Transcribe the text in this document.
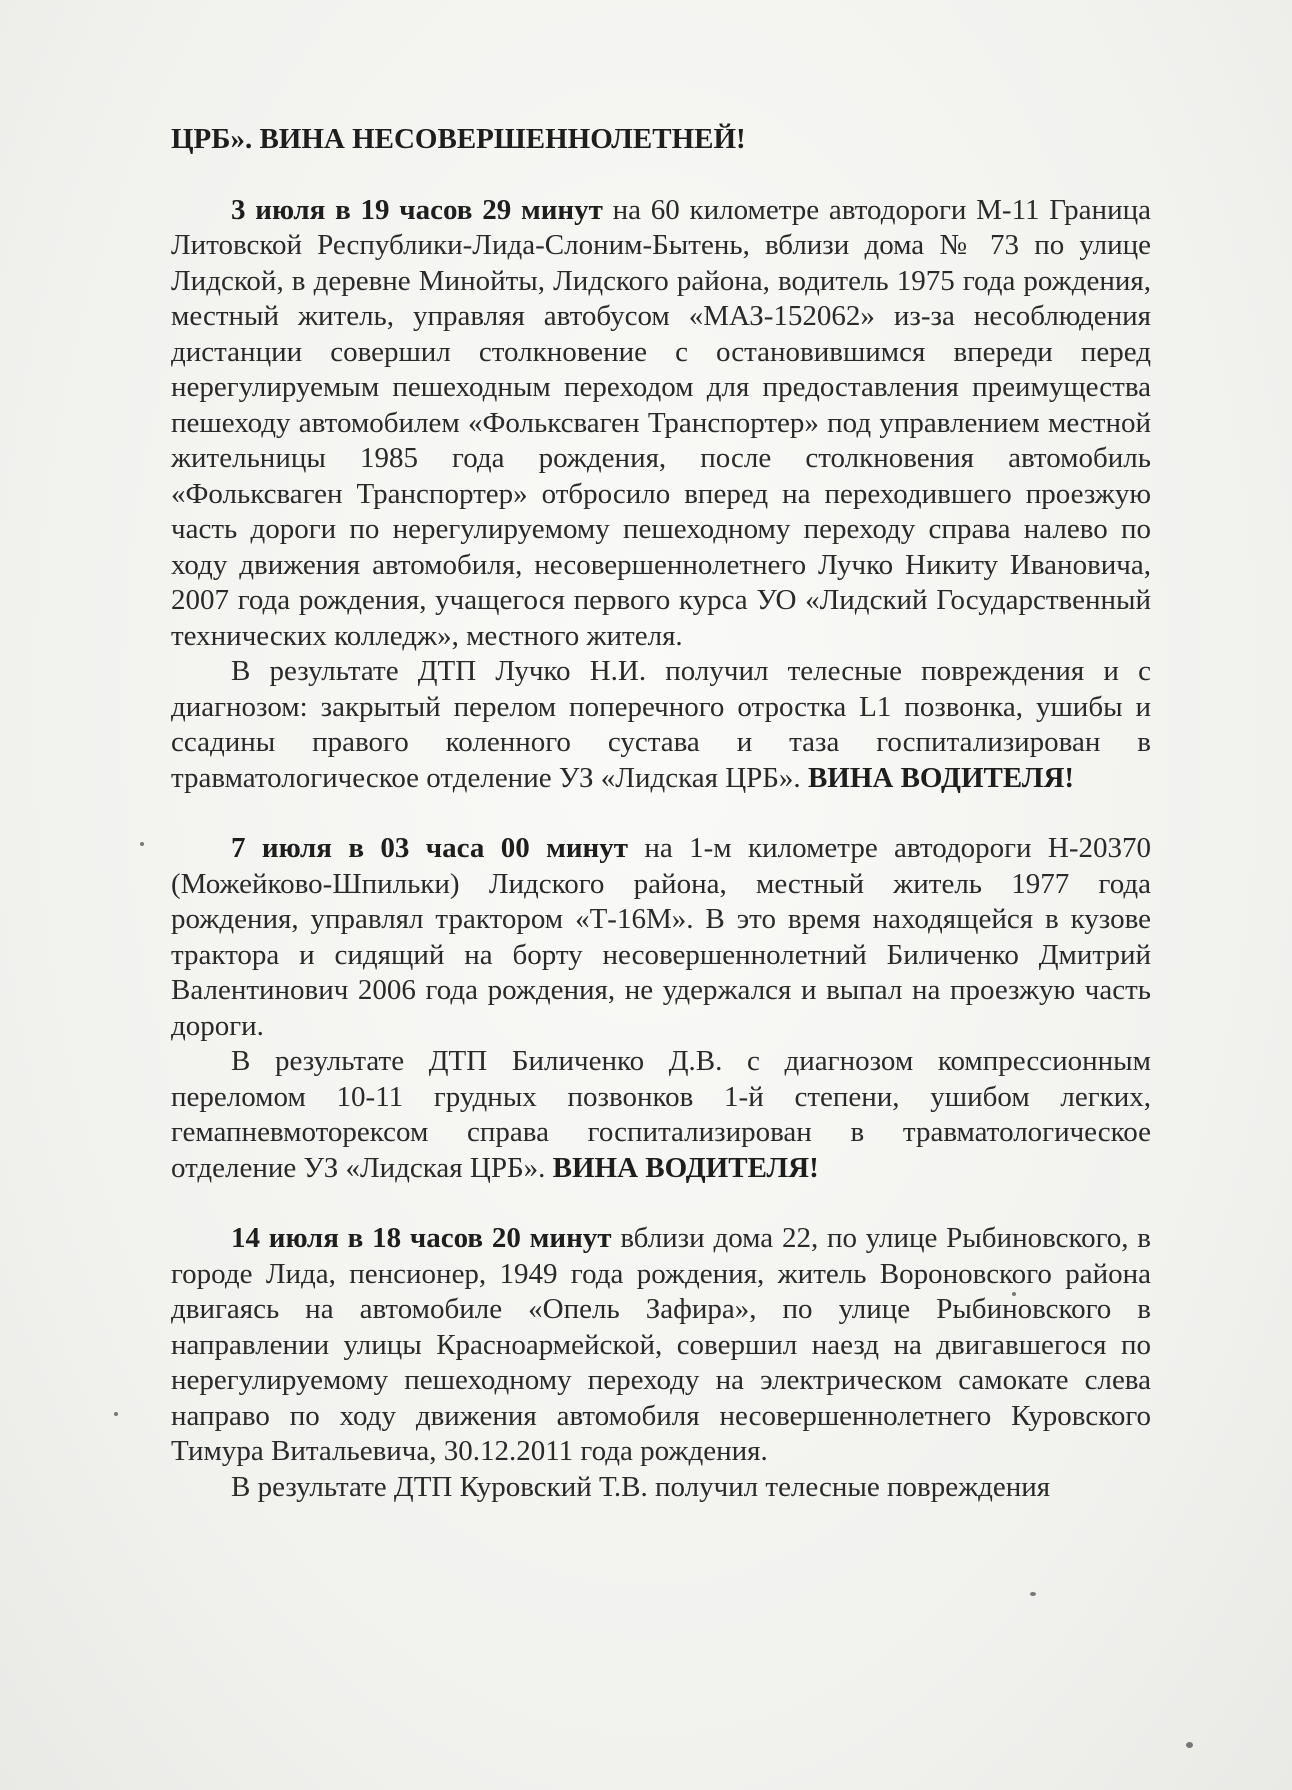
ЦРБ». ВИНА НЕСОВЕРШЕННОЛЕТНЕЙ!

3 июля в 19 часов 29 минут на 60 километре автодороги М-11 Граница Литовской Республики-Лида-Слоним-Бытень, вблизи дома № 73 по улице Лидской, в деревне Минойты, Лидского района, водитель 1975 года рождения, местный житель, управляя автобусом «МАЗ-152062» из-за несоблюдения дистанции совершил столкновение с остановившимся впереди перед нерегулируемым пешеходным переходом для предоставления преимущества пешеходу автомобилем «Фольксваген Транспортер» под управлением местной жительницы 1985 года рождения, после столкновения автомобиль «Фольксваген Транспортер» отбросило вперед на переходившего проезжую часть дороги по нерегулируемому пешеходному переходу справа налево по ходу движения автомобиля, несовершеннолетнего Лучко Никиту Ивановича, 2007 года рождения, учащегося первого курса УО «Лидский Государственный технических колледж», местного жителя.

В результате ДТП Лучко Н.И. получил телесные повреждения и с диагнозом: закрытый перелом поперечного отростка L1 позвонка, ушибы и ссадины правого коленного сустава и таза госпитализирован в травматологическое отделение УЗ «Лидская ЦРБ». ВИНА ВОДИТЕЛЯ!

7 июля в 03 часа 00 минут на 1-м километре автодороги Н-20370 (Можейково-Шпильки) Лидского района, местный житель 1977 года рождения, управлял трактором «Т-16М». В это время находящейся в кузове трактора и сидящий на борту несовершеннолетний Биличенко Дмитрий Валентинович 2006 года рождения, не удержался и выпал на проезжую часть дороги.

В результате ДТП Биличенко Д.В. с диагнозом компрессионным переломом 10-11 грудных позвонков 1-й степени, ушибом легких, гемапневмоторексом справа госпитализирован в травматологическое отделение УЗ «Лидская ЦРБ». ВИНА ВОДИТЕЛЯ!

14 июля в 18 часов 20 минут вблизи дома 22, по улице Рыбиновского, в городе Лида, пенсионер, 1949 года рождения, житель Вороновского района двигаясь на автомобиле «Опель Зафира», по улице Рыбиновского в направлении улицы Красноармейской, совершил наезд на двигавшегося по нерегулируемому пешеходному переходу на электрическом самокате слева направо по ходу движения автомобиля несовершеннолетнего Куровского Тимура Витальевича, 30.12.2011 года рождения.

В результате ДТП Куровский Т.В. получил телесные повреждения
